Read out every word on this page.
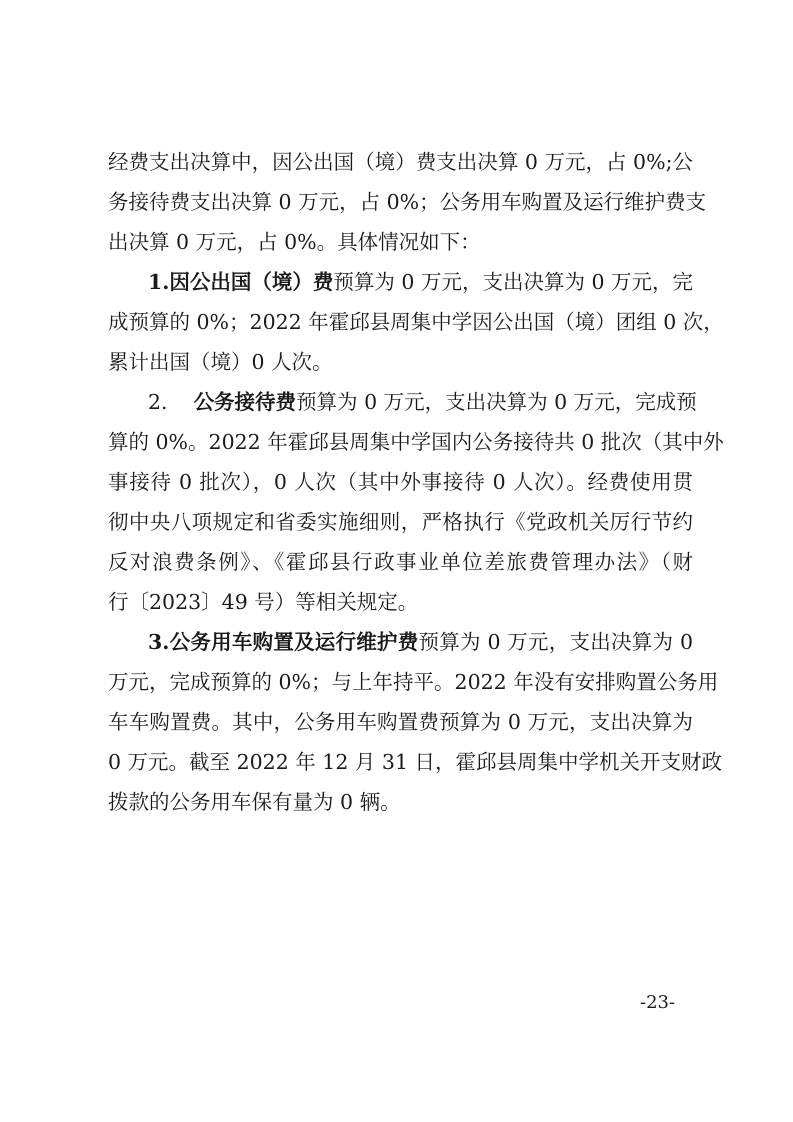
经费支出决算中，因公出国（境）费支出决算 0 万元，占 0%;公
务接待费支出决算 0 万元，占 0%；公务用车购置及运行维护费支
出决算 0 万元，占 0%。具体情况如下：
1.因公出国（境）费预算为 0 万元，支出决算为 0 万元，完
成预算的 0%；2022 年霍邱县周集中学因公出国（境）团组 0 次，
累计出国（境）0 人次。
2. 公务接待费预算为 0 万元，支出决算为 0 万元，完成预
算的 0%。2022 年霍邱县周集中学国内公务接待共 0 批次（其中外
事接待 0 批次），0 人次（其中外事接待 0 人次）。经费使用贯
彻中央八项规定和省委实施细则，严格执行《党政机关厉行节约
反对浪费条例》、《霍邱县行政事业单位差旅费管理办法》（财
行〔2023〕49 号）等相关规定。
3.公务用车购置及运行维护费预算为 0 万元，支出决算为 0
万元，完成预算的 0%；与上年持平。2022 年没有安排购置公务用
车车购置费。其中，公务用车购置费预算为 0 万元，支出决算为
0 万元。截至 2022 年 12 月 31 日，霍邱县周集中学机关开支财政
拨款的公务用车保有量为 0 辆。
-23-
